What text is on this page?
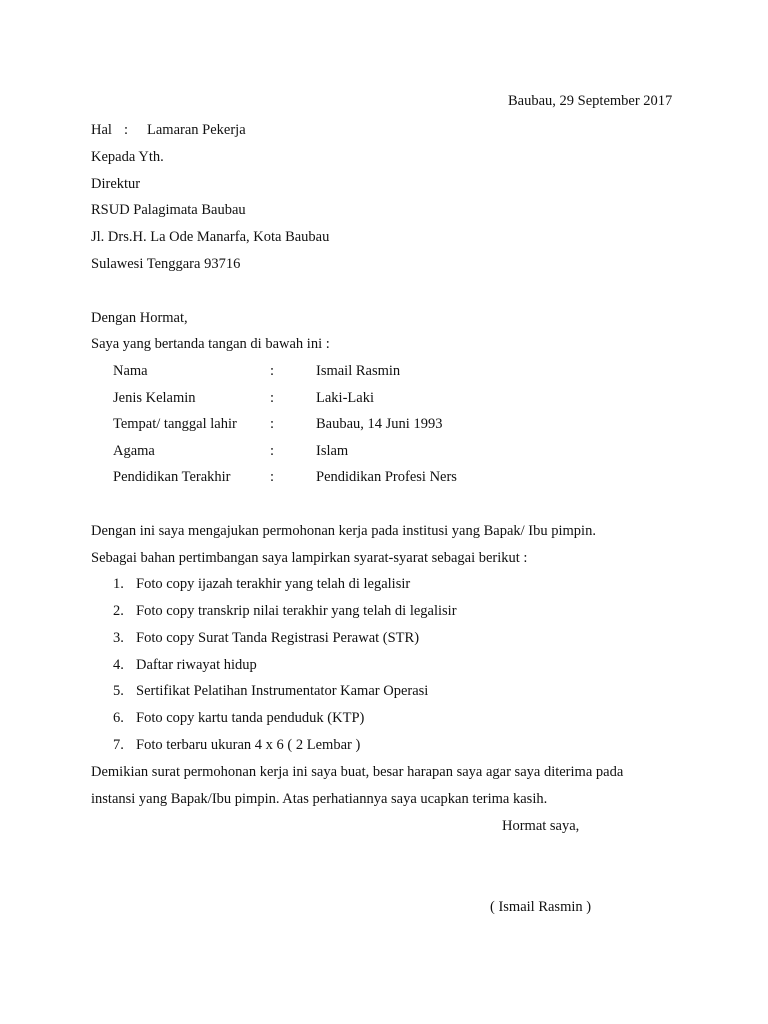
Baubau, 29 September 2017
Hal : Lamaran Pekerja
Kepada Yth.
Direktur
RSUD Palagimata Baubau
Jl. Drs.H. La Ode Manarfa, Kota Baubau
Sulawesi Tenggara 93716
Dengan Hormat,
Saya yang bertanda tangan di bawah ini :
Nama	:	Ismail Rasmin
Jenis Kelamin	:	Laki-Laki
Tempat/ tanggal lahir :	Baubau, 14 Juni 1993
Agama	:	Islam
Pendidikan Terakhir	:	Pendidikan Profesi Ners
Dengan ini saya mengajukan permohonan kerja pada institusi yang Bapak/ Ibu pimpin.
Sebagai bahan pertimbangan saya lampirkan syarat-syarat sebagai berikut :
1. Foto copy ijazah terakhir yang telah di legalisir
2. Foto copy transkrip nilai terakhir yang telah di legalisir
3. Foto copy Surat Tanda Registrasi Perawat (STR)
4. Daftar riwayat hidup
5. Sertifikat Pelatihan Instrumentator Kamar Operasi
6. Foto copy kartu tanda penduduk (KTP)
7. Foto terbaru ukuran 4 x 6 ( 2 Lembar )
Demikian surat permohonan kerja ini saya buat, besar harapan saya agar saya diterima pada
instansi yang Bapak/Ibu pimpin. Atas perhatiannya saya ucapkan terima kasih.
Hormat saya,
( Ismail Rasmin )
